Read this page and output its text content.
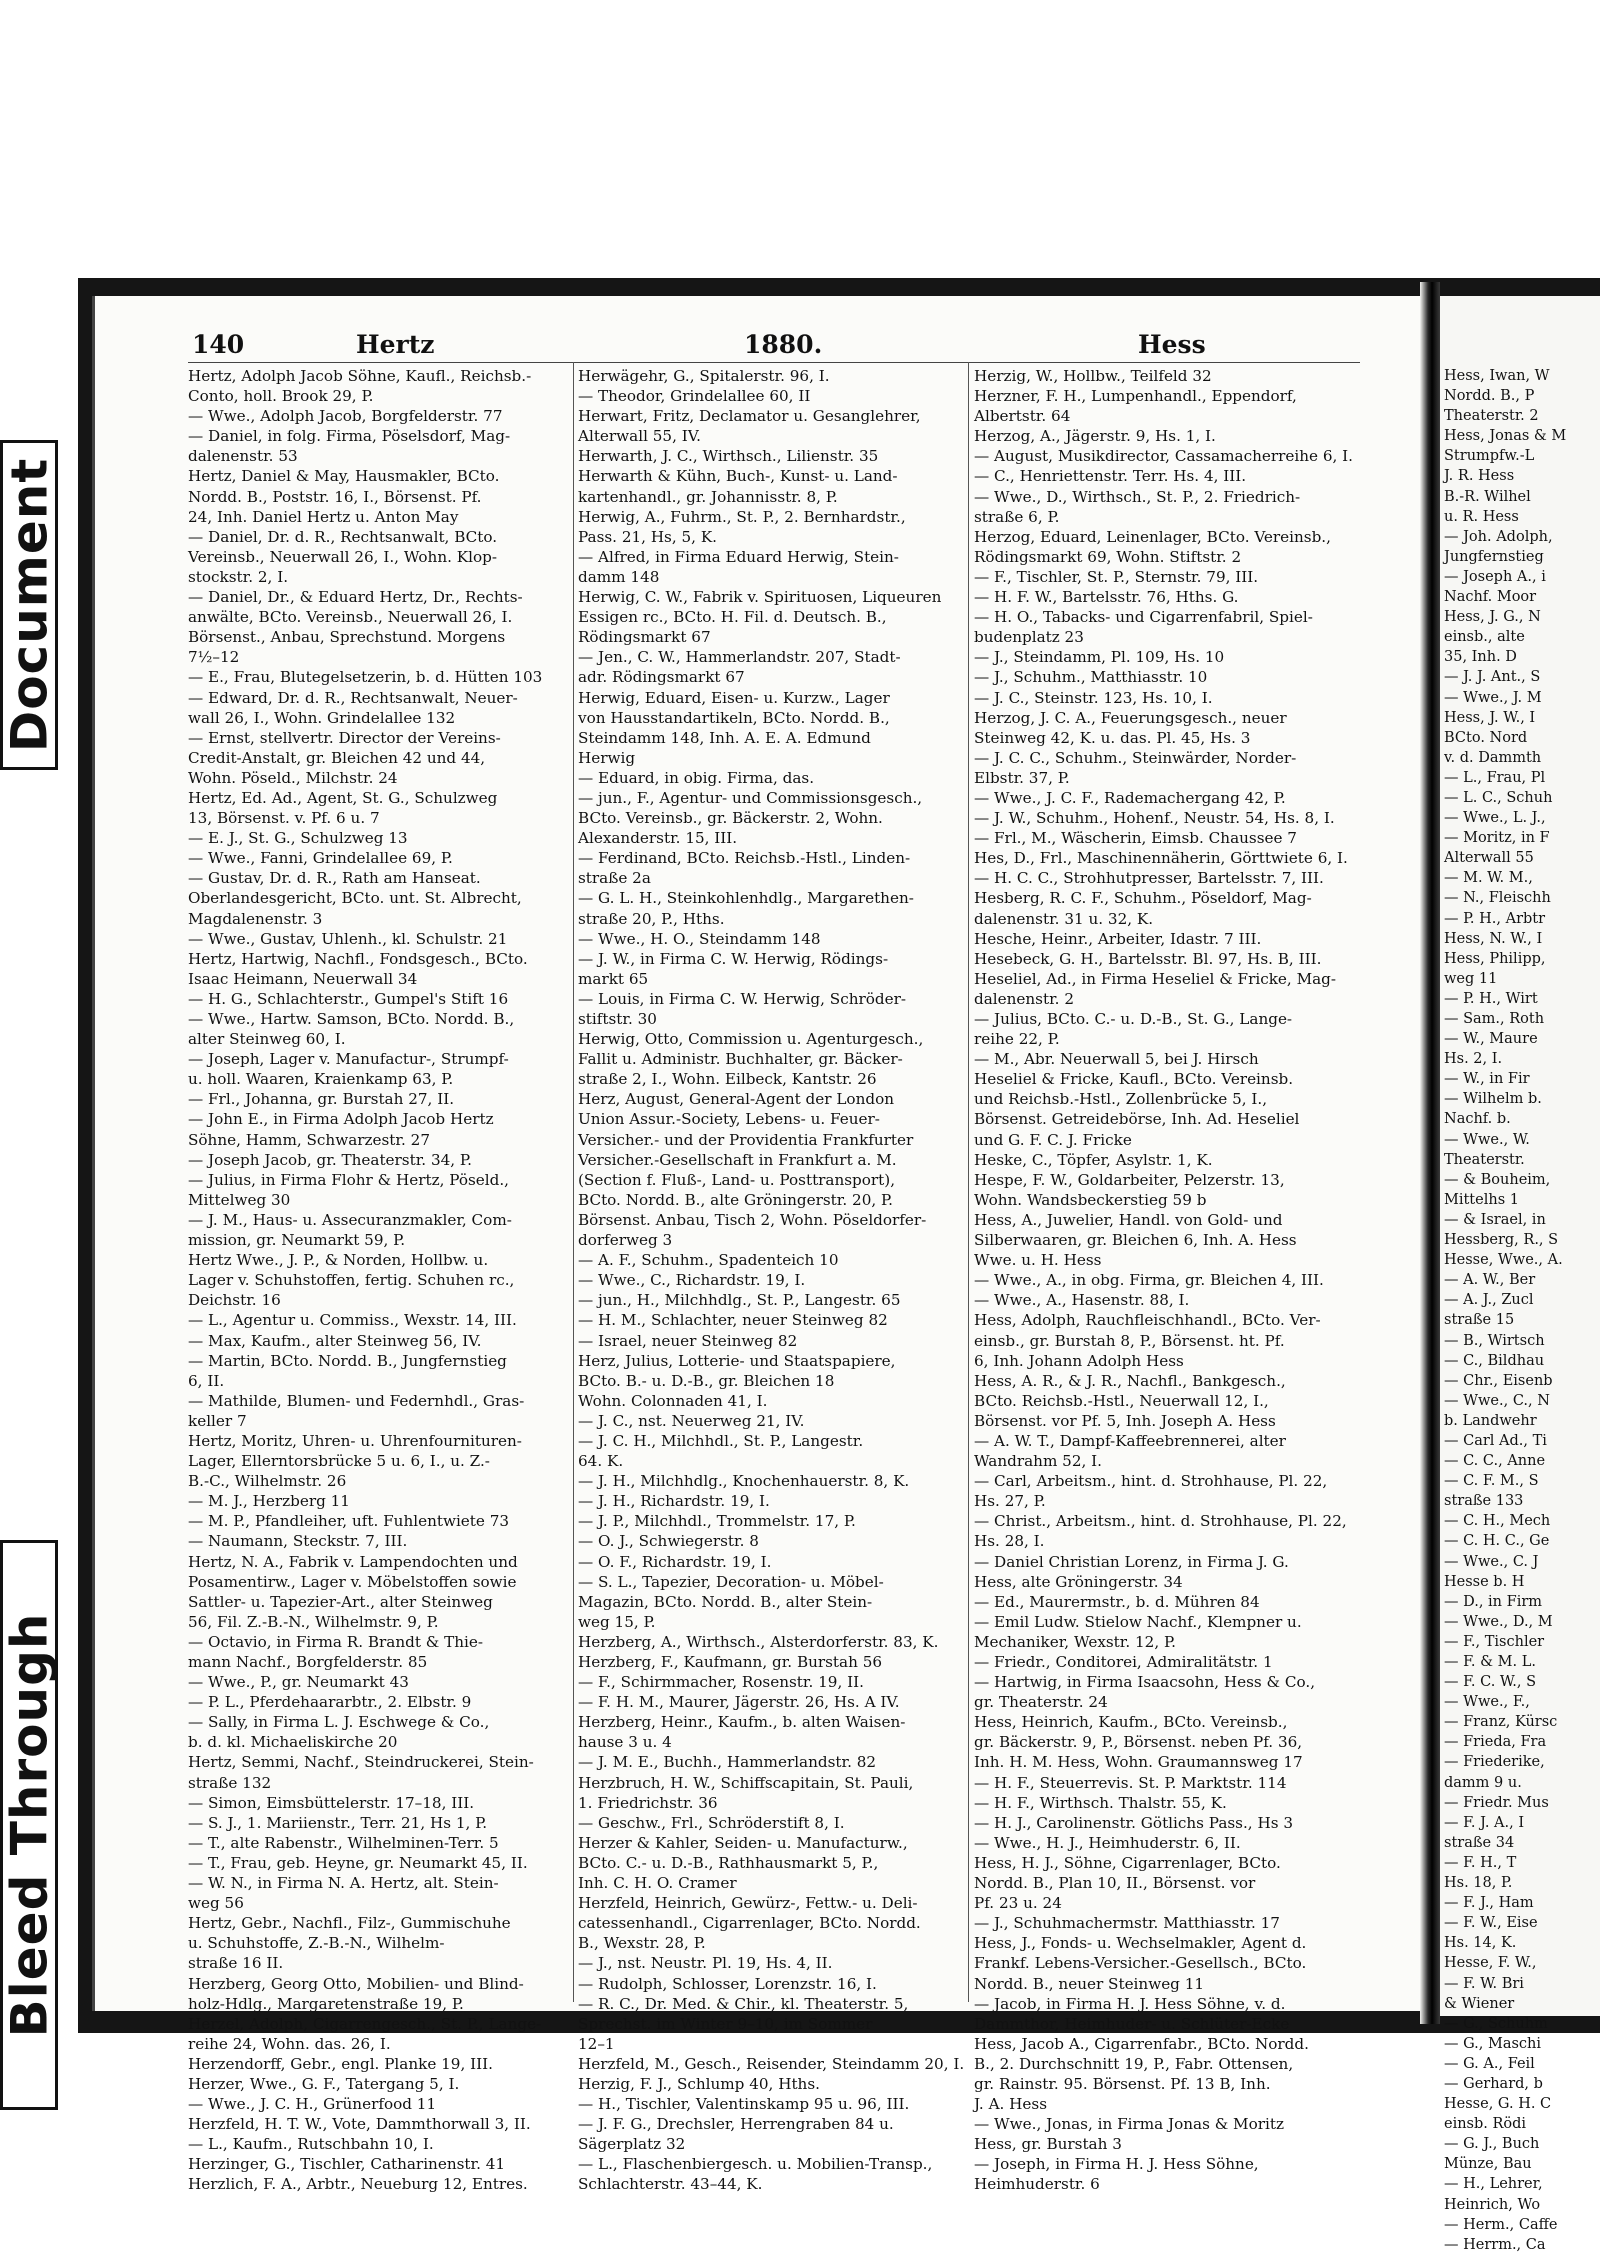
Document
Bleed Through

Hess, Iwan, W

Nordd. B., P

Theaterstr. 2

Hess, Jonas & M

Strumpfw.-L

J. R. Hess

B.-R. Wilhel

u. R. Hess

— Joh. Adolph,

Jungfernstieg

— Joseph A., i

Nachf. Moor

Hess, J. G., N

einsb., alte

35, Inh. D

— J. J. Ant., S

— Wwe., J. M

Hess, J. W., I

BCto. Nord

v. d. Dammth

— L., Frau, Pl

— L. C., Schuh

— Wwe., L. J.,

— Moritz, in F

Alterwall 55

— M. W. M.,

— N., Fleischh

— P. H., Arbtr

Hess, N. W., I

Hess, Philipp,

weg 11

— P. H., Wirt

— Sam., Roth

— W., Maure

Hs. 2, I.

— W., in Fir

— Wilhelm b.

Nachf. b.

— Wwe., W.

Theaterstr.

— & Bouheim,

Mittelhs 1

— & Israel, in

Hessberg, R., S

Hesse, Wwe., A.

— A. W., Ber

— A. J., Zucl

straße 15

— B., Wirtsch

— C., Bildhau

— Chr., Eisenb

— Wwe., C., N

b. Landwehr

— Carl Ad., Ti

— C. C., Anne

— C. F. M., S

straße 133

— C. H., Mech

— C. H. C., Ge

— Wwe., C. J

Hesse b. H

— D., in Firm

— Wwe., D., M

— F., Tischler

— F. & M. L.

— F. C. W., S

— Wwe., F.,

— Franz, Kürsc

— Frieda, Fra

— Friederike,

damm 9 u.

— Friedr. Mus

— F. J. A., I

straße 34

— F. H., T

Hs. 18, P.

— F. J., Ham

— F. W., Eise

Hs. 14, K.

Hesse, F. W.,

— F. W. Bri

& Wiener

— G., Schuhm

— G., Maschi

— G. A., Feil

— Gerhard, b

Hesse, G. H. C

einsb. Rödi

— G. J., Buch

Münze, Bau

— H., Lehrer,

Heinrich, Wo

— Herm., Caffe

— Herrm., Ca

140	Hertz	1880.	Hess

Hertz, Adolph Jacob Söhne, Kaufl., Reichsb.-

Conto, holl. Brook 29, P.

— Wwe., Adolph Jacob, Borgfelderstr. 77

— Daniel, in folg. Firma, Pöselsdorf, Mag-

dalenenstr. 53

Hertz, Daniel & May, Hausmakler, BCto.

Nordd. B., Poststr. 16, I., Börsenst. Pf.

24, Inh. Daniel Hertz u. Anton May

— Daniel, Dr. d. R., Rechtsanwalt, BCto.

Vereinsb., Neuerwall 26, I., Wohn. Klop-

stockstr. 2, I.

— Daniel, Dr., & Eduard Hertz, Dr., Rechts-

anwälte, BCto. Vereinsb., Neuerwall 26, I.

Börsenst., Anbau, Sprechstund. Morgens

7½–12

— E., Frau, Blutegelsetzerin, b. d. Hütten 103

— Edward, Dr. d. R., Rechtsanwalt, Neuer-

wall 26, I., Wohn. Grindelallee 132

— Ernst, stellvertr. Director der Vereins-

Credit-Anstalt, gr. Bleichen 42 und 44,

Wohn. Pöseld., Milchstr. 24

Hertz, Ed. Ad., Agent, St. G., Schulzweg

13, Börsenst. v. Pf. 6 u. 7

— E. J., St. G., Schulzweg 13

— Wwe., Fanni, Grindelallee 69, P.

— Gustav, Dr. d. R., Rath am Hanseat.

Oberlandesgericht, BCto. unt. St. Albrecht,

Magdalenenstr. 3

— Wwe., Gustav, Uhlenh., kl. Schulstr. 21

Hertz, Hartwig, Nachfl., Fondsgesch., BCto.

Isaac Heimann, Neuerwall 34

— H. G., Schlachterstr., Gumpel's Stift 16

— Wwe., Hartw. Samson, BCto. Nordd. B.,

alter Steinweg 60, I.

— Joseph, Lager v. Manufactur-, Strumpf-

u. holl. Waaren, Kraienkamp 63, P.

— Frl., Johanna, gr. Burstah 27, II.

— John E., in Firma Adolph Jacob Hertz

Söhne, Hamm, Schwarzestr. 27

— Joseph Jacob, gr. Theaterstr. 34, P.

— Julius, in Firma Flohr & Hertz, Pöseld.,

Mittelweg 30

— J. M., Haus- u. Assecuranzmakler, Com-

mission, gr. Neumarkt 59, P.

Hertz Wwe., J. P., & Norden, Hollbw. u.

Lager v. Schuhstoffen, fertig. Schuhen rc.,

Deichstr. 16

— L., Agentur u. Commiss., Wexstr. 14, III.

— Max, Kaufm., alter Steinweg 56, IV.

— Martin, BCto. Nordd. B., Jungfernstieg

6, II.

— Mathilde, Blumen- und Federnhdl., Gras-

keller 7

Hertz, Moritz, Uhren- u. Uhrenfournituren-

Lager, Ellerntorsbrücke 5 u. 6, I., u. Z.-

B.-C., Wilhelmstr. 26

— M. J., Herzberg 11

— M. P., Pfandleiher, uft. Fuhlentwiete 73

— Naumann, Steckstr. 7, III.

Hertz, N. A., Fabrik v. Lampendochten und

Posamentirw., Lager v. Möbelstoffen sowie

Sattler- u. Tapezier-Art., alter Steinweg

56, Fil. Z.-B.-N., Wilhelmstr. 9, P.

— Octavio, in Firma R. Brandt & Thie-

mann Nachf., Borgfelderstr. 85

— Wwe., P., gr. Neumarkt 43

— P. L., Pferdehaararbtr., 2. Elbstr. 9

— Sally, in Firma L. J. Eschwege & Co.,

b. d. kl. Michaeliskirche 20

Hertz, Semmi, Nachf., Steindruckerei, Stein-

straße 132

— Simon, Eimsbüttelerstr. 17–18, III.

— S. J., 1. Mariienstr., Terr. 21, Hs 1, P.

— T., alte Rabenstr., Wilhelminen-Terr. 5

— T., Frau, geb. Heyne, gr. Neumarkt 45, II.

— W. N., in Firma N. A. Hertz, alt. Stein-

weg 56

Hertz, Gebr., Nachfl., Filz-, Gummischuhe

u. Schuhstoffe, Z.-B.-N., Wilhelm-

straße 16 II.

Herzberg, Georg Otto, Mobilien- und Blind-

holz-Hdlg., Margaretenstraße 19, P.

Herzel, Adolph, Cigarrengesch., St. P., Lange-

reihe 24, Wohn. das. 26, I.

Herzendorff, Gebr., engl. Planke 19, III.

Herzer, Wwe., G. F., Tatergang 5, I.

— Wwe., J. C. H., Grünerfood 11

Herzfeld, H. T. W., Vote, Dammthorwall 3, II.

— L., Kaufm., Rutschbahn 10, I.

Herzinger, G., Tischler, Catharinenstr. 41

Herzlich, F. A., Arbtr., Neueburg 12, Entres.

Herwägehr, G., Spitalerstr. 96, I.

— Theodor, Grindelallee 60, II

Herwart, Fritz, Declamator u. Gesanglehrer,

Alterwall 55, IV.

Herwarth, J. C., Wirthsch., Lilienstr. 35

Herwarth & Kühn, Buch-, Kunst- u. Land-

kartenhandl., gr. Johannisstr. 8, P.

Herwig, A., Fuhrm., St. P., 2. Bernhardstr.,

Pass. 21, Hs, 5, K.

— Alfred, in Firma Eduard Herwig, Stein-

damm 148

Herwig, C. W., Fabrik v. Spirituosen, Liqueuren

Essigen rc., BCto. H. Fil. d. Deutsch. B.,

Rödingsmarkt 67

— Jen., C. W., Hammerlandstr. 207, Stadt-

adr. Rödingsmarkt 67

Herwig, Eduard, Eisen- u. Kurzw., Lager

von Hausstandartikeln, BCto. Nordd. B.,

Steindamm 148, Inh. A. E. A. Edmund

Herwig

— Eduard, in obig. Firma, das.

— jun., F., Agentur- und Commissionsgesch.,

BCto. Vereinsb., gr. Bäckerstr. 2, Wohn.

Alexanderstr. 15, III.

— Ferdinand, BCto. Reichsb.-Hstl., Linden-

straße 2a

— G. L. H., Steinkohlenhdlg., Margarethen-

straße 20, P., Hths.

— Wwe., H. O., Steindamm 148

— J. W., in Firma C. W. Herwig, Rödings-

markt 65

— Louis, in Firma C. W. Herwig, Schröder-

stiftstr. 30

Herwig, Otto, Commission u. Agenturgesch.,

Fallit u. Administr. Buchhalter, gr. Bäcker-

straße 2, I., Wohn. Eilbeck, Kantstr. 26

Herz, August, General-Agent der London

Union Assur.-Society, Lebens- u. Feuer-

Versicher.- und der Providentia Frankfurter

Versicher.-Gesellschaft in Frankfurt a. M.

(Section f. Fluß-, Land- u. Posttransport),

BCto. Nordd. B., alte Gröningerstr. 20, P.

Börsenst. Anbau, Tisch 2, Wohn. Pöseldorfer-

dorferweg 3

— A. F., Schuhm., Spadenteich 10

— Wwe., C., Richardstr. 19, I.

— jun., H., Milchhdlg., St. P., Langestr. 65

— H. M., Schlachter, neuer Steinweg 82

— Israel, neuer Steinweg 82

Herz, Julius, Lotterie- und Staatspapiere,

BCto. B.- u. D.-B., gr. Bleichen 18

Wohn. Colonnaden 41, I.

— J. C., nst. Neuerweg 21, IV.

— J. C. H., Milchhdl., St. P., Langestr.

64. K.

— J. H., Milchhdlg., Knochenhauerstr. 8, K.

— J. H., Richardstr. 19, I.

— J. P., Milchhdl., Trommelstr. 17, P.

— O. J., Schwiegerstr. 8

— O. F., Richardstr. 19, I.

— S. L., Tapezier, Decoration- u. Möbel-

Magazin, BCto. Nordd. B., alter Stein-

weg 15, P.

Herzberg, A., Wirthsch., Alsterdorferstr. 83, K.

Herzberg, F., Kaufmann, gr. Burstah 56

— F., Schirmmacher, Rosenstr. 19, II.

— F. H. M., Maurer, Jägerstr. 26, Hs. A IV.

Herzberg, Heinr., Kaufm., b. alten Waisen-

hause 3 u. 4

— J. M. E., Buchh., Hammerlandstr. 82

Herzbruch, H. W., Schiffscapitain, St. Pauli,

1. Friedrichstr. 36

— Geschw., Frl., Schröderstift 8, I.

Herzer & Kahler, Seiden- u. Manufacturw.,

BCto. C.- u. D.-B., Rathhausmarkt 5, P.,

Inh. C. H. O. Cramer

Herzfeld, Heinrich, Gewürz-, Fettw.- u. Deli-

catessenhandl., Cigarrenlager, BCto. Nordd.

B., Wexstr. 28, P.

— J., nst. Neustr. Pl. 19, Hs. 4, II.

— Rudolph, Schlosser, Lorenzstr. 16, I.

— R. C., Dr. Med. & Chir., kl. Theaterstr. 5,

Sprechst. im Winter 9–10, im Sommer

12–1

Herzfeld, M., Gesch., Reisender, Steindamm 20, I.

Herzig, F. J., Schlump 40, Hths.

— H., Tischler, Valentinskamp 95 u. 96, III.

— J. F. G., Drechsler, Herrengraben 84 u.

Sägerplatz 32

— L., Flaschenbiergesch. u. Mobilien-Transp.,

Schlachterstr. 43–44, K.

Herzig, W., Hollbw., Teilfeld 32

Herzner, F. H., Lumpenhandl., Eppendorf,

Albertstr. 64

Herzog, A., Jägerstr. 9, Hs. 1, I.

— August, Musikdirector, Cassamacherreihe 6, I.

— C., Henriettenstr. Terr. Hs. 4, III.

— Wwe., D., Wirthsch., St. P., 2. Friedrich-

straße 6, P.

Herzog, Eduard, Leinenlager, BCto. Vereinsb.,

Rödingsmarkt 69, Wohn. Stiftstr. 2

— F., Tischler, St. P., Sternstr. 79, III.

— H. F. W., Bartelsstr. 76, Hths. G.

— H. O., Tabacks- und Cigarrenfabril, Spiel-

budenplatz 23

— J., Steindamm, Pl. 109, Hs. 10

— J., Schuhm., Matthiasstr. 10

— J. C., Steinstr. 123, Hs. 10, I.

Herzog, J. C. A., Feuerungsgesch., neuer

Steinweg 42, K. u. das. Pl. 45, Hs. 3

— J. C. C., Schuhm., Steinwärder, Norder-

Elbstr. 37, P.

— Wwe., J. C. F., Rademachergang 42, P.

— J. W., Schuhm., Hohenf., Neustr. 54, Hs. 8, I.

— Frl., M., Wäscherin, Eimsb. Chaussee 7

Hes, D., Frl., Maschinennäherin, Görttwiete 6, I.

— H. C. C., Strohhutpresser, Bartelsstr. 7, III.

Hesberg, R. C. F., Schuhm., Pöseldorf, Mag-

dalenenstr. 31 u. 32, K.

Hesche, Heinr., Arbeiter, Idastr. 7 III.

Hesebeck, G. H., Bartelsstr. Bl. 97, Hs. B, III.

Heseliel, Ad., in Firma Heseliel & Fricke, Mag-

dalenenstr. 2

— Julius, BCto. C.- u. D.-B., St. G., Lange-

reihe 22, P.

— M., Abr. Neuerwall 5, bei J. Hirsch

Heseliel & Fricke, Kaufl., BCto. Vereinsb.

und Reichsb.-Hstl., Zollenbrücke 5, I.,

Börsenst. Getreidebörse, Inh. Ad. Heseliel

und G. F. C. J. Fricke

Heske, C., Töpfer, Asylstr. 1, K.

Hespe, F. W., Goldarbeiter, Pelzerstr. 13,

Wohn. Wandsbeckerstieg 59 b

Hess, A., Juwelier, Handl. von Gold- und

Silberwaaren, gr. Bleichen 6, Inh. A. Hess

Wwe. u. H. Hess

— Wwe., A., in obg. Firma, gr. Bleichen 4, III.

— Wwe., A., Hasenstr. 88, I.

Hess, Adolph, Rauchfleischhandl., BCto. Ver-

einsb., gr. Burstah 8, P., Börsenst. ht. Pf.

6, Inh. Johann Adolph Hess

Hess, A. R., & J. R., Nachfl., Bankgesch.,

BCto. Reichsb.-Hstl., Neuerwall 12, I.,

Börsenst. vor Pf. 5, Inh. Joseph A. Hess

— A. W. T., Dampf-Kaffeebrennerei, alter

Wandrahm 52, I.

— Carl, Arbeitsm., hint. d. Strohhause, Pl. 22,

Hs. 27, P.

— Christ., Arbeitsm., hint. d. Strohhause, Pl. 22,

Hs. 28, I.

— Daniel Christian Lorenz, in Firma J. G.

Hess, alte Gröningerstr. 34

— Ed., Maurermstr., b. d. Mühren 84

— Emil Ludw. Stielow Nachf., Klempner u.

Mechaniker, Wexstr. 12, P.

— Friedr., Conditorei, Admiralitätstr. 1

— Hartwig, in Firma Isaacsohn, Hess & Co.,

gr. Theaterstr. 24

Hess, Heinrich, Kaufm., BCto. Vereinsb.,

gr. Bäckerstr. 9, P., Börsenst. neben Pf. 36,

Inh. H. M. Hess, Wohn. Graumannsweg 17

— H. F., Steuerrevis. St. P. Marktstr. 114

— H. F., Wirthsch. Thalstr. 55, K.

— H. J., Carolinenstr. Götlichs Pass., Hs 3

— Wwe., H. J., Heimhuderstr. 6, II.

Hess, H. J., Söhne, Cigarrenlager, BCto.

Nordd. B., Plan 10, II., Börsenst. vor

Pf. 23 u. 24

— J., Schuhmachermstr. Matthiasstr. 17

Hess, J., Fonds- u. Wechselmakler, Agent d.

Frankf. Lebens-Versicher.-Gesellsch., BCto.

Nordd. B., neuer Steinweg 11

— Jacob, in Firma H. J. Hess Söhne, v. d.

Dammthor, Heimhuder- u. Schlüter-Ecke

Hess, Jacob A., Cigarrenfabr., BCto. Nordd.

B., 2. Durchschnitt 19, P., Fabr. Ottensen,

gr. Rainstr. 95. Börsenst. Pf. 13 B, Inh.

J. A. Hess

— Wwe., Jonas, in Firma Jonas & Moritz

Hess, gr. Burstah 3

— Joseph, in Firma H. J. Hess Söhne,

Heimhuderstr. 6
